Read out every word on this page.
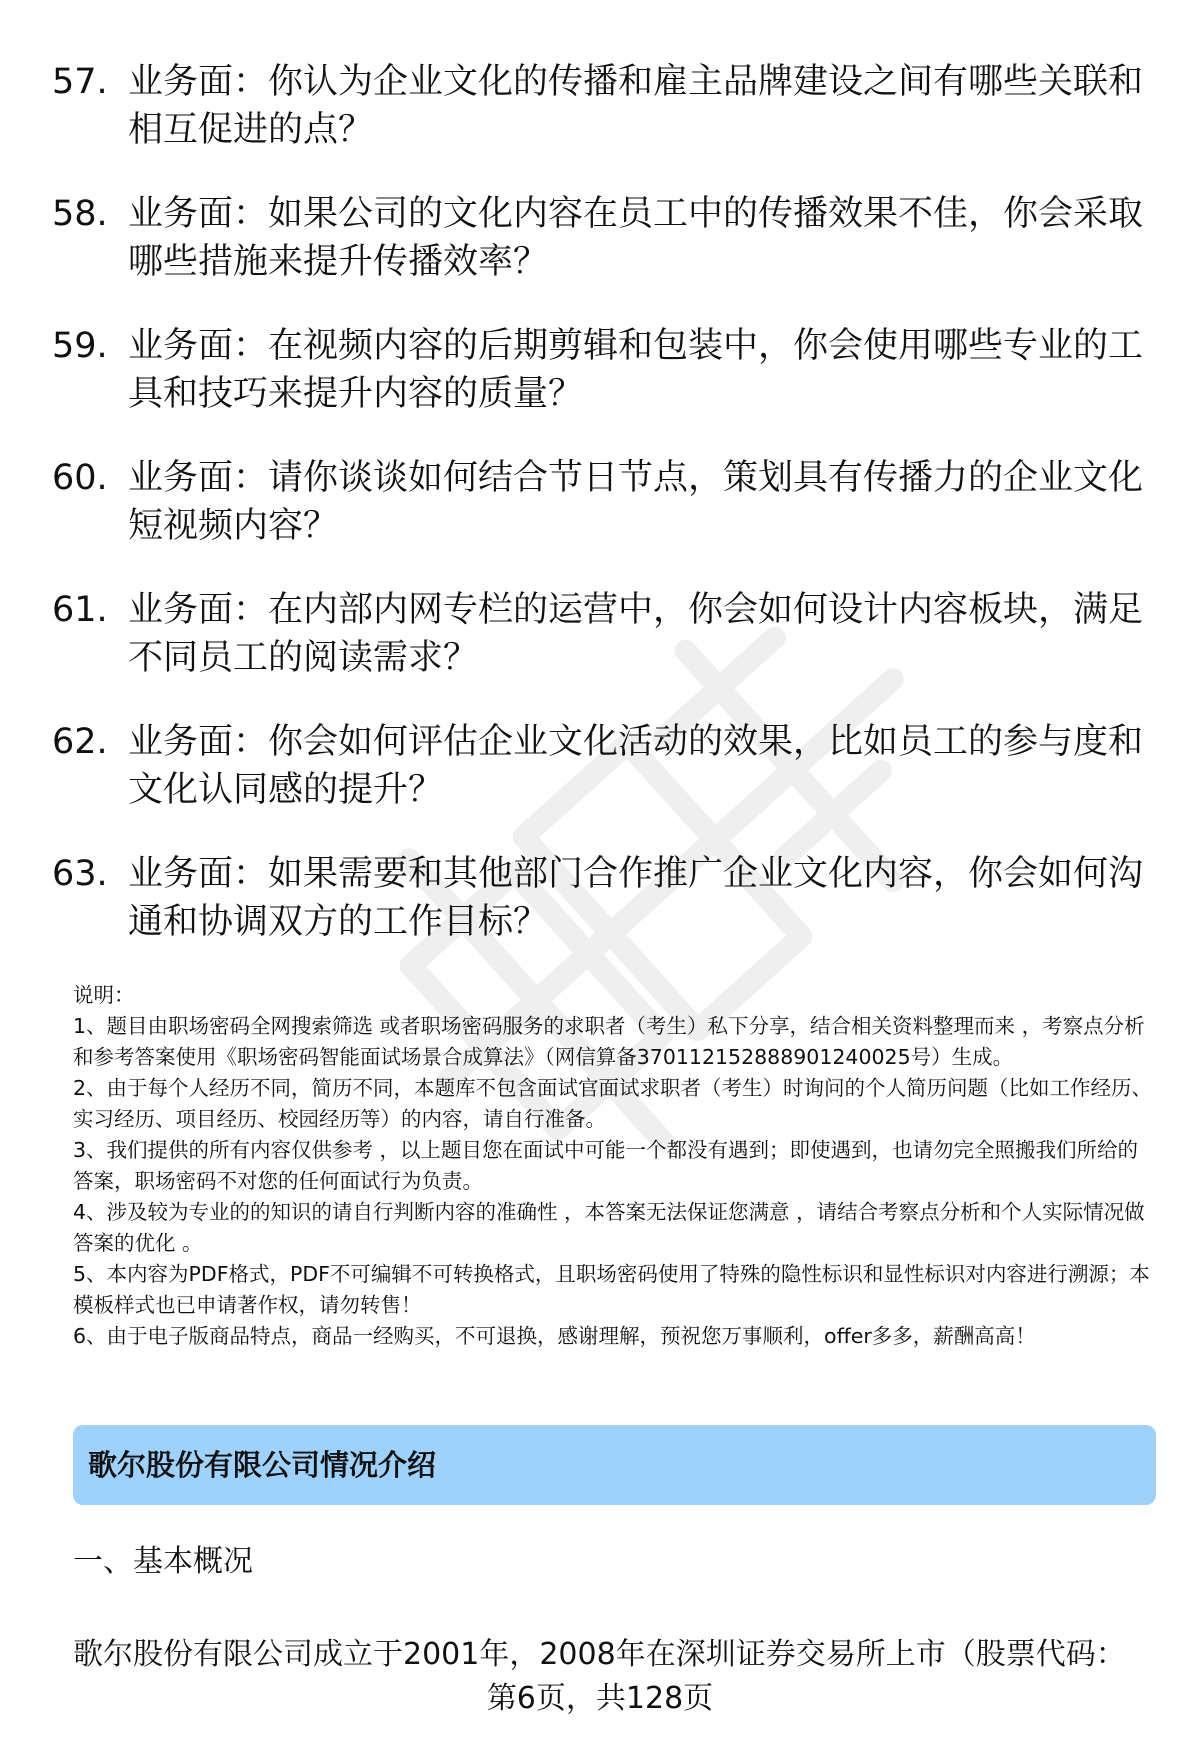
57. 业务面：你认为企业文化的传播和雇主品牌建设之间有哪些关联和相互促进的点？
58. 业务面：如果公司的文化内容在员工中的传播效果不佳，你会采取哪些措施来提升传播效率？
59. 业务面：在视频内容的后期剪辑和包装中，你会使用哪些专业的工具和技巧来提升内容的质量？
60. 业务面：请你谈谈如何结合节日节点，策划具有传播力的企业文化短视频内容？
61. 业务面：在内部内网专栏的运营中，你会如何设计内容板块，满足不同员工的阅读需求？
62. 业务面：你会如何评估企业文化活动的效果，比如员工的参与度和文化认同感的提升？
63. 业务面：如果需要和其他部门合作推广企业文化内容，你会如何沟通和协调双方的工作目标？

说明：

1、题目由职场密码全网搜索筛选 或者职场密码服务的求职者（考生）私下分享，结合相关资料整理而来 ，考察点分析和参考答案使用《职场密码智能面试场景合成算法》（网信算备370112152888901240025号）生成。

2、由于每个人经历不同，简历不同，本题库不包含面试官面试求职者（考生）时询问的个人简历问题（比如工作经历、实习经历、项目经历、校园经历等）的内容，请自行准备。

3、我们提供的所有内容仅供参考 ，以上题目您在面试中可能一个都没有遇到；即使遇到，也请勿完全照搬我们所给的答案，职场密码不对您的任何面试行为负责。

4、涉及较为专业的的知识的请自行判断内容的准确性 ，本答案无法保证您满意 ，请结合考察点分析和个人实际情况做答案的优化 。

5、本内容为PDF格式，PDF不可编辑不可转换格式，且职场密码使用了特殊的隐性标识和显性标识对内容进行溯源；本模板样式也已申请著作权，请勿转售！

6、由于电子版商品特点，商品一经购买，不可退换，感谢理解，预祝您万事顺利，offer多多，薪酬高高！

歌尔股份有限公司情况介绍
一、基本概况
歌尔股份有限公司成立于2001年，2008年在深圳证券交易所上市（股票代码：
第6页，共128页
